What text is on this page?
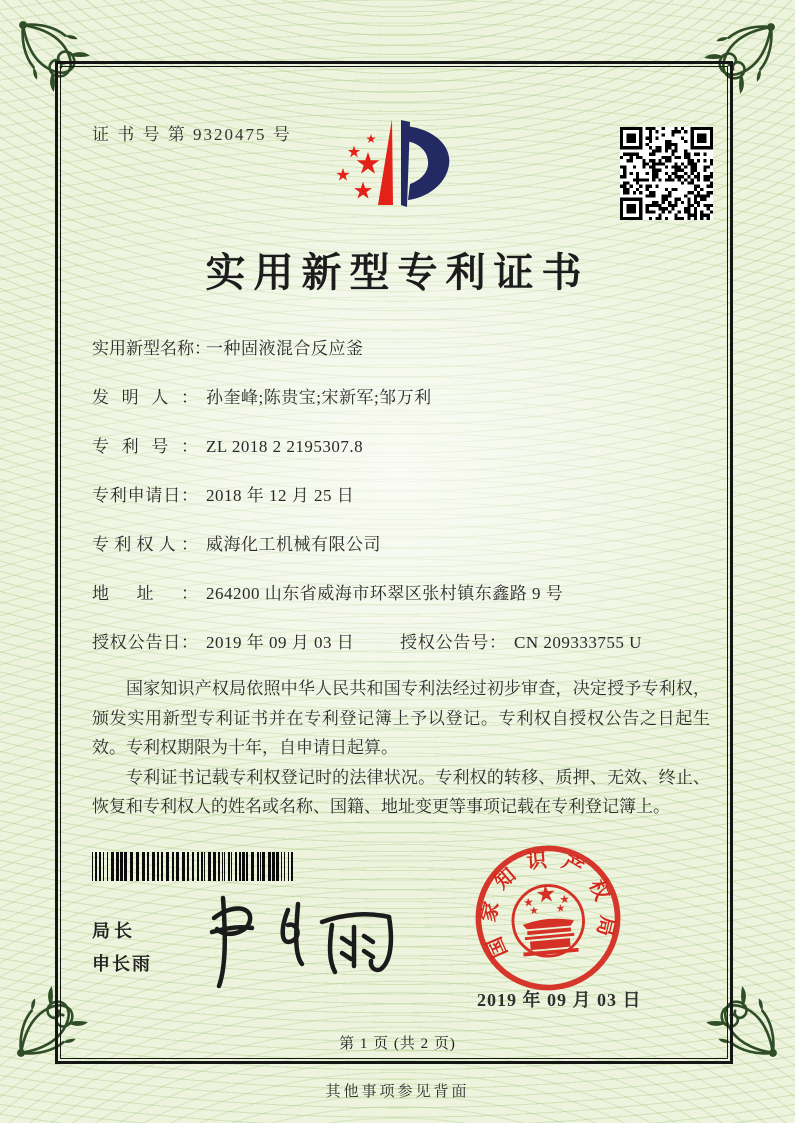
证 书 号 第 9320475 号
实用新型专利证书
实用新型名称：一种固液混合反应釜
发明人： 孙奎峰;陈贵宝;宋新军;邹万利
专利号： ZL 2018 2 2195307.8
专利申请日： 2018 年 12 月 25 日
专利权人： 威海化工机械有限公司
地址： 264200 山东省威海市环翠区张村镇东鑫路 9 号
授权公告日： 2019 年 09 月 03 日	授权公告号： CN 209333755 U

国家知识产权局依照中华人民共和国专利法经过初步审查，决定授予专利权，颁发实用新型专利证书并在专利登记簿上予以登记。专利权自授权公告之日起生效。专利权期限为十年，自申请日起算。

专利证书记载专利权登记时的法律状况。专利权的转移、质押、无效、终止、恢复和专利权人的姓名或名称、国籍、地址变更等事项记载在专利登记簿上。

局长
申长雨
国家知识产权局
2019 年 09 月 03 日
第 1 页 (共 2 页)
其他事项参见背面
